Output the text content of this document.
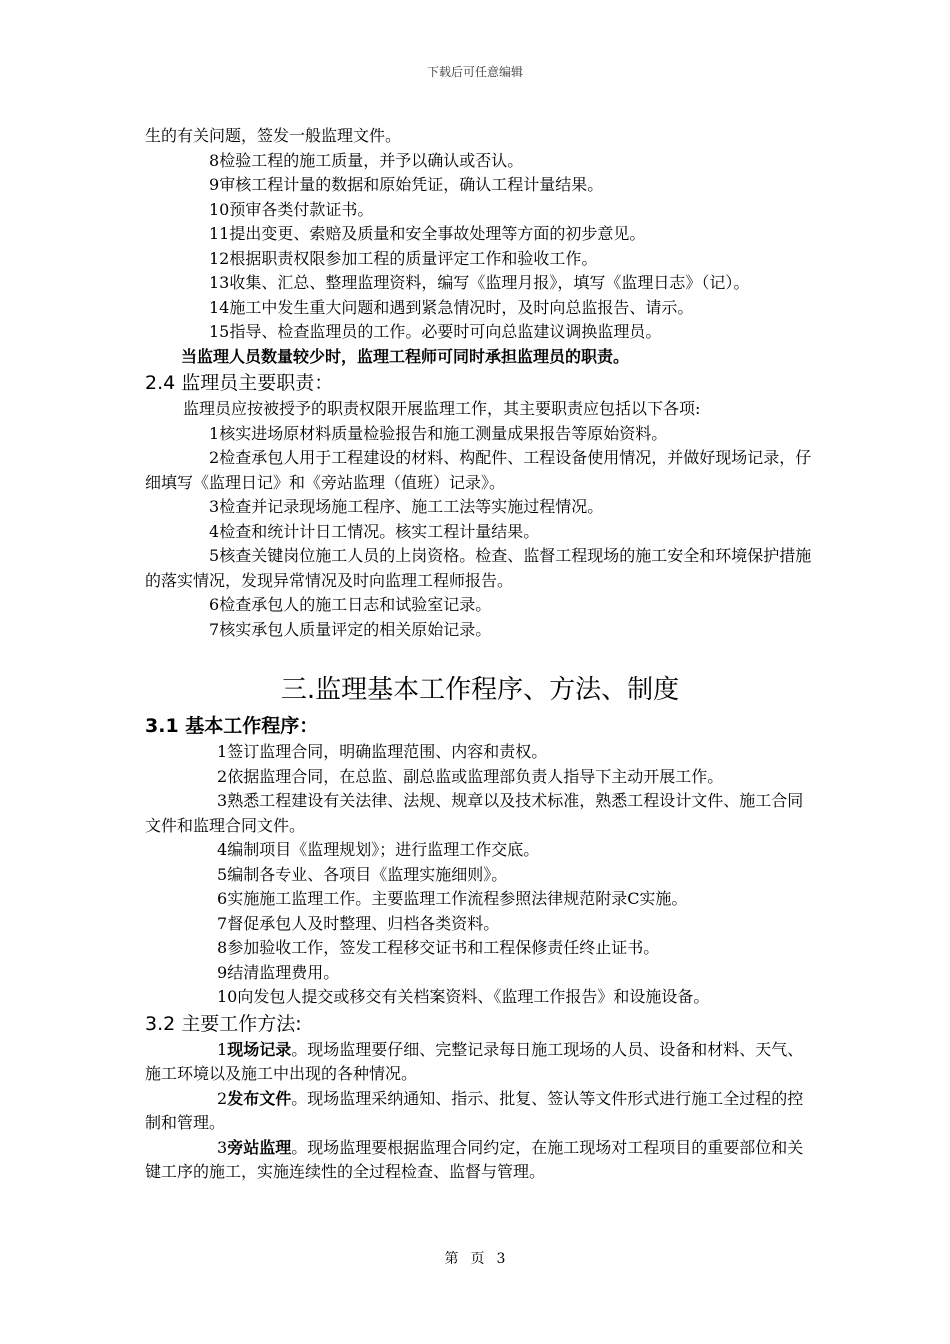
下载后可任意编辑

生的有关问题，签发一般监理文件。

8检验工程的施工质量，并予以确认或否认。

9审核工程计量的数据和原始凭证，确认工程计量结果。

10预审各类付款证书。

11提出变更、索赔及质量和安全事故处理等方面的初步意见。

12根据职责权限参加工程的质量评定工作和验收工作。

13收集、汇总、整理监理资料，编写《监理月报》，填写《监理日志》（记）。

14施工中发生重大问题和遇到紧急情况时，及时向总监报告、请示。

15指导、检查监理员的工作。必要时可向总监建议调换监理员。

当监理人员数量较少时，监理工程师可同时承担监理员的职责。

2.4 监理员主要职责：

监理员应按被授予的职责权限开展监理工作，其主要职责应包括以下各项:

1核实进场原材料质量检验报告和施工测量成果报告等原始资料。

2检查承包人用于工程建设的材料、构配件、工程设备使用情况，并做好现场记录，仔细填写《监理日记》和《旁站监理（值班）记录》。

3检查并记录现场施工程序、施工工法等实施过程情况。

4检查和统计计日工情况。核实工程计量结果。

5核查关键岗位施工人员的上岗资格。检查、监督工程现场的施工安全和环境保护措施的落实情况，发现异常情况及时向监理工程师报告。

6检查承包人的施工日志和试验室记录。

7核实承包人质量评定的相关原始记录。

三.监理基本工作程序、方法、制度

3.1 基本工作程序：

1签订监理合同，明确监理范围、内容和责权。

2依据监理合同，在总监、副总监或监理部负责人指导下主动开展工作。

3熟悉工程建设有关法律、法规、规章以及技术标准，熟悉工程设计文件、施工合同文件和监理合同文件。

4编制项目《监理规划》；进行监理工作交底。

5编制各专业、各项目《监理实施细则》。

6实施施工监理工作。主要监理工作流程参照法律规范附录C实施。

7督促承包人及时整理、归档各类资料。

8参加验收工作，签发工程移交证书和工程保修责任终止证书。

9结清监理费用。

10向发包人提交或移交有关档案资料、《监理工作报告》和设施设备。

3.2 主要工作方法:

1现场记录。现场监理要仔细、完整记录每日施工现场的人员、设备和材料、天气、施工环境以及施工中出现的各种情况。

2发布文件。现场监理采纳通知、指示、批复、签认等文件形式进行施工全过程的控制和管理。

3旁站监理。现场监理要根据监理合同约定，在施工现场对工程项目的重要部位和关键工序的施工，实施连续性的全过程检查、监督与管理。

第 页 3
